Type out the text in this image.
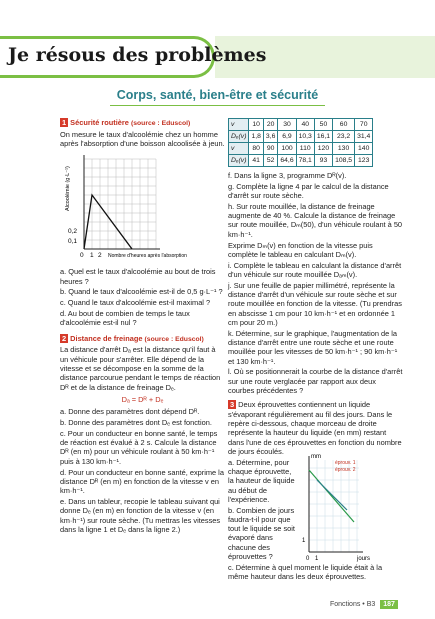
Je résous des problèmes
Corps, santé, bien-être et sécurité

1 Sécurité routière (source : Eduscol)

On mesure le taux d'alcoolémie chez un homme après l'absorption d'une boisson alcoolisée à jeun.

Alcoolémie (g·L⁻¹)
0,2
0,1
0 1 2 Nombre d'heures après l'absorption

a. Quel est le taux d'alcoolémie au bout de trois heures ?

b. Quand le taux d'alcoolémie est-il de 0,5 g·L⁻¹ ?

c. Quand le taux d'alcoolémie est-il maximal ?

d. Au bout de combien de temps le taux d'alcoolémie est-il nul ?

2 Distance de freinage (source : Eduscol)

La distance d'arrêt Dₐ est la distance qu'il faut à un véhicule pour s'arrêter. Elle dépend de la vitesse et se décompose en la somme de la distance parcourue pendant le temps de réaction Dᴿ et de la distance de freinage Dₑ.

Dₐ = Dᴿ + Dₑ

a. Donne des paramètres dont dépend Dᴿ.

b. Donne des paramètres dont Dₑ est fonction.

c. Pour un conducteur en bonne santé, le temps de réaction est évalué à 2 s. Calcule la distance Dᴿ (en m) pour un véhicule roulant à 50 km·h⁻¹ puis à 130 km·h⁻¹.

d. Pour un conducteur en bonne santé, exprime la distance Dᴿ (en m) en fonction de la vitesse v en km·h⁻¹.

e. Dans un tableur, recopie le tableau suivant qui donne Dₑ (en m) en fonction de la vitesse v (en km·h⁻¹) sur route sèche. (Tu mettras les vitesses dans la ligne 1 et Dₑ dans la ligne 2.)

v	10	20	30	40	50	60	70
Dₑ(v)	1,8	3,6	6,9	10,3	16,1	23,2	31,4
v	80	90	100	110	120	130	140
Dₑ(v)	41	52	64,6	78,1	93	108,5	123

f. Dans la ligne 3, programme Dᴿ(v).

g. Complète la ligne 4 par le calcul de la distance d'arrêt sur route sèche.

h. Sur route mouillée, la distance de freinage augmente de 40 %. Calcule la distance de freinage sur route mouillée, Dₘ(50), d'un véhicule roulant à 50 km·h⁻¹.

Exprime Dₘ(v) en fonction de la vitesse puis complète le tableau en calculant Dₘ(v).

i. Complète le tableau en calculant la distance d'arrêt d'un véhicule sur route mouillée Dₐₘ(v).

j. Sur une feuille de papier millimétré, représente la distance d'arrêt d'un véhicule sur route sèche et sur route mouillée en fonction de la vitesse. (Tu prendras en abscisse 1 cm pour 10 km·h⁻¹ et en ordonnée 1 cm pour 20 m.)

k. Détermine, sur le graphique, l'augmentation de la distance d'arrêt entre une route sèche et une route mouillée pour les vitesses de 50 km·h⁻¹ ; 90 km·h⁻¹ et 130 km·h⁻¹.

l. Où se positionnerait la courbe de la distance d'arrêt sur une route verglacée par rapport aux deux courbes précédentes ?

3 Deux éprouvettes contiennent un liquide s'évaporant régulièrement au fil des jours. Dans le repère ci-dessous, chaque morceau de droite représente la hauteur du liquide (en mm) restant dans l'une de ces éprouvettes en fonction du nombre de jours écoulés.

a. Détermine, pour chaque éprouvette, la hauteur de liquide au début de l'expérience.

b. Combien de jours faudra-t-il pour que tout le liquide se soit évaporé dans chacune des éprouvettes ?

c. Détermine à quel moment le liquide était à la même hauteur dans les deux éprouvettes.

mm
éprouv. 1
éprouv. 2
1
0 1	jours
Fonctions • B3 187
